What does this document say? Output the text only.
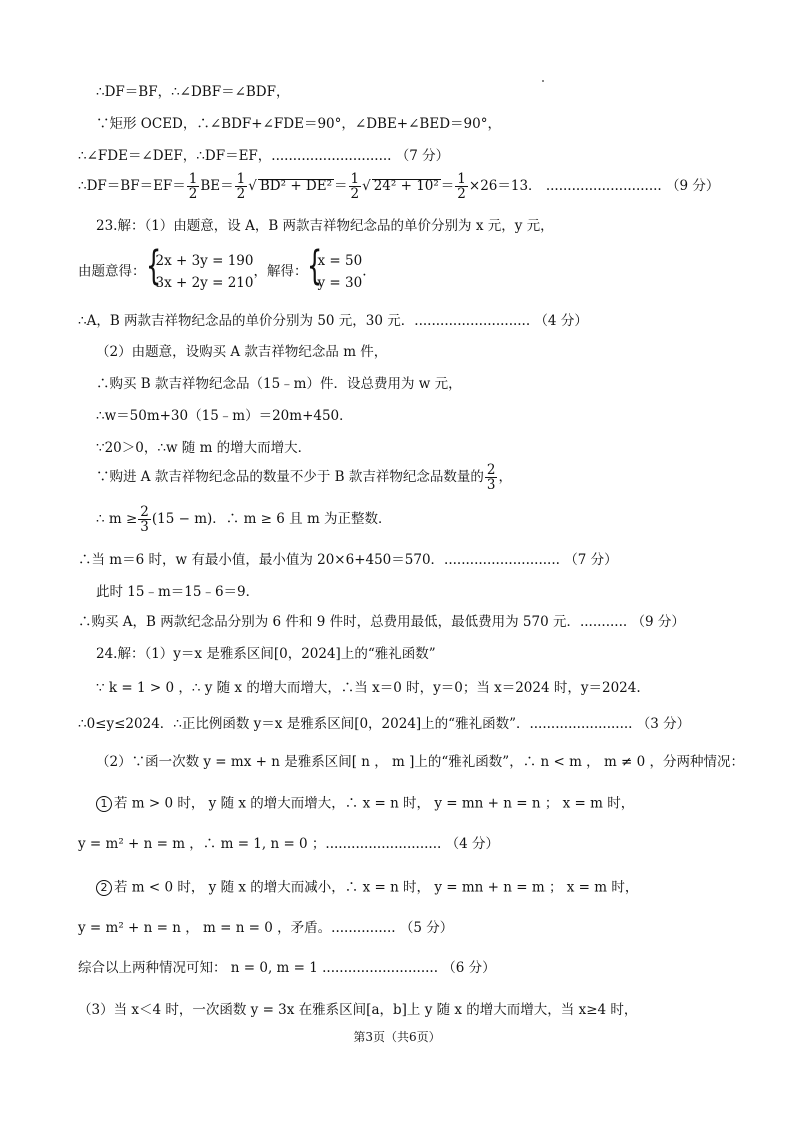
∴DF＝BF，∴∠DBF＝∠BDF，
∵矩形 OCED，∴∠BDF+∠FDE＝90°，∠DBE+∠BED＝90°，
∴∠FDE＝∠DEF，∴DF＝EF，............................ （7 分）
∴DF＝BF＝EF＝ $\frac{1}{2} BE= \frac{1}{2}$ √ $BD^2 + DE^2 = \frac{1}{2}$ √ $24^2 + 10^2 = \frac{1}{2} \times 26=13$． ........................... （9 分）
23.解：（1）由题意，设 A，B 两款吉祥物纪念品的单价分别为 x 元，y 元，
由题意得： {
2x + 3y = 190
3x + 2y = 210
，解得： {
x = 50
y = 30
.
∴A，B 两款吉祥物纪念品的单价分别为 50 元，30 元．........................... （4 分）
（2）由题意，设购买 A 款吉祥物纪念品 m 件，
∴购买 B 款吉祥物纪念品（15﹣m）件．设总费用为 w 元，
∴w＝50m+30（15﹣m）＝20m+450．
∵20＞0，∴w 随 m 的增大而增大．
∵购进 A 款吉祥物纪念品的数量不少于 B 款吉祥物纪念品数量的 $\frac{2}{3}$ ，
∴ $m \ge \frac{2}{3} (15 - m)$．∴ m ≥ 6 且 m 为正整数．
∴当 m＝6 时，w 有最小值，最小值为 20×6+450＝570．........................... （7 分）
此时 15﹣m＝15﹣6＝9．
∴购买 A，B 两款纪念品分别为 6 件和 9 件时，总费用最低，最低费用为 570 元．........... （9 分）
24.解：（1）y＝x 是雅系区间[0，2024]上的“雅礼函数”
∵ k = 1 > 0 ，∴ y 随 x 的增大而增大，∴当 x＝0 时，y＝0；当 x＝2024 时，y＝2024.
∴0≤y≤2024．∴正比例函数 y＝x 是雅系区间[0，2024]上的“雅礼函数”．........................ （3 分）
（2）∵函一次数 y = mx + n 是雅系区间[ n ， m ]上的“雅礼函数”，∴ n < m ， m ≠ 0 ，分两种情况：
1 若 m > 0 时， y 随 x 的增大而增大，∴ x = n 时， y = mn + n = n ； x = m 时，
y = m² + n = m ，∴ m = 1, n = 0 ；........................... （4 分）
2 若 m < 0 时， y 随 x 的增大而减小，∴ x = n 时， y = mn + n = m ； x = m 时，
y = m² + n = n ， m = n = 0 ，矛盾。............... （5 分）
综合以上两种情况可知： n = 0, m = 1 ........................... （6 分）
（3）当 x＜4 时，一次函数 y = 3x 在雅系区间[a，b]上 y 随 x 的增大而增大，当 x≥4 时，
第3页（共6页）
